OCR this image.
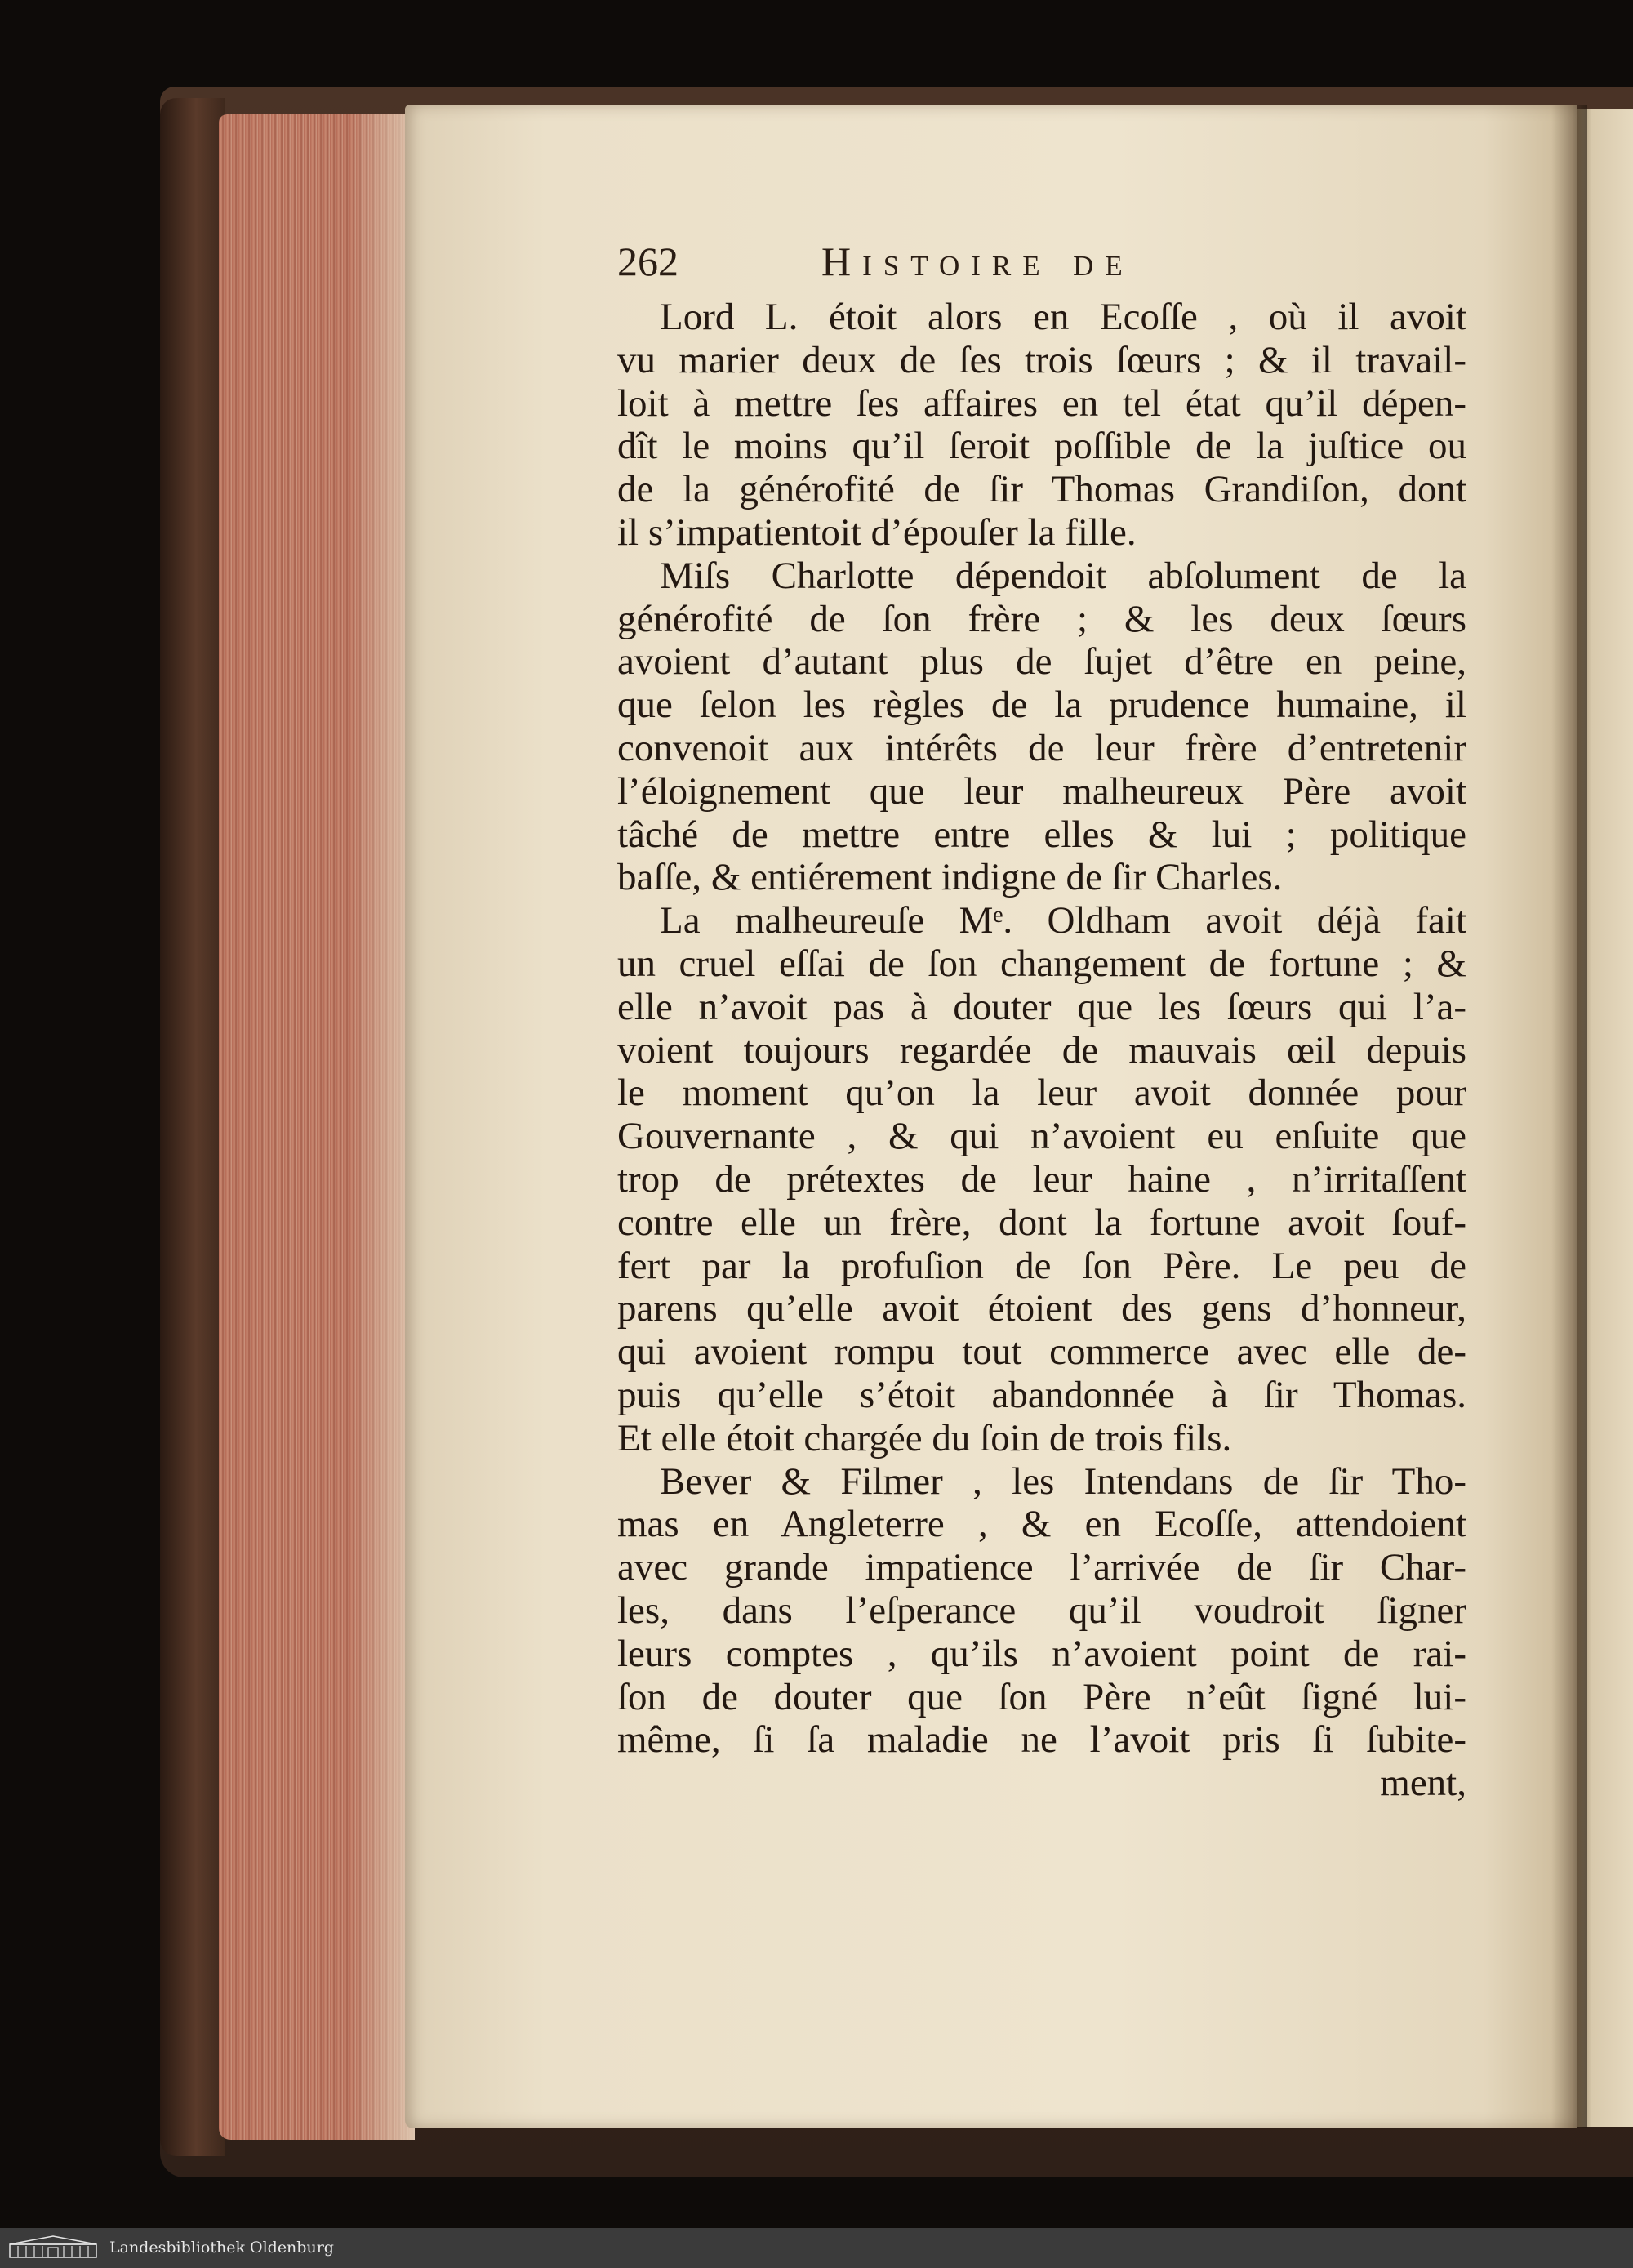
262	Histoire de
Lord L. étoit alors en Ecoſſe , où il avoit
vu marier deux de ſes trois ſœurs ; & il travail-
loit à mettre ſes affaires en tel état qu’il dépen-
dît le moins qu’il ſeroit poſſible de la juſtice ou
de la générofité de ſir Thomas Grandiſon, dont
il s’impatientoit d’épouſer la fille.
Miſs Charlotte dépendoit abſolument de la
générofité de ſon frère ; & les deux ſœurs
avoient d’autant plus de ſujet d’être en peine,
que ſelon les règles de la prudence humaine, il
convenoit aux intérêts de leur frère d’entretenir
l’éloignement que leur malheureux Père avoit
tâché de mettre entre elles & lui ; politique
baſſe, & entiérement indigne de ſir Charles.
La malheureuſe Mᵉ. Oldham avoit déjà fait
un cruel eſſai de ſon changement de fortune ; &
elle n’avoit pas à douter que les ſœurs qui l’a-
voient toujours regardée de mauvais œil depuis
le moment qu’on la leur avoit donnée pour
Gouvernante , & qui n’avoient eu enſuite que
trop de prétextes de leur haine , n’irritaſſent
contre elle un frère, dont la fortune avoit ſouf-
fert par la profuſion de ſon Père. Le peu de
parens qu’elle avoit étoient des gens d’honneur,
qui avoient rompu tout commerce avec elle de-
puis qu’elle s’étoit abandonnée à ſir Thomas.
Et elle étoit chargée du ſoin de trois fils.
Bever & Filmer , les Intendans de ſir Tho-
mas en Angleterre , & en Ecoſſe, attendoient
avec grande impatience l’arrivée de ſir Char-
les, dans l’eſperance qu’il voudroit ſigner
leurs comptes , qu’ils n’avoient point de rai-
ſon de douter que ſon Père n’eût ſigné lui-
même, ſi ſa maladie ne l’avoit pris ſi ſubite-
ment,
Landesbibliothek Oldenburg
